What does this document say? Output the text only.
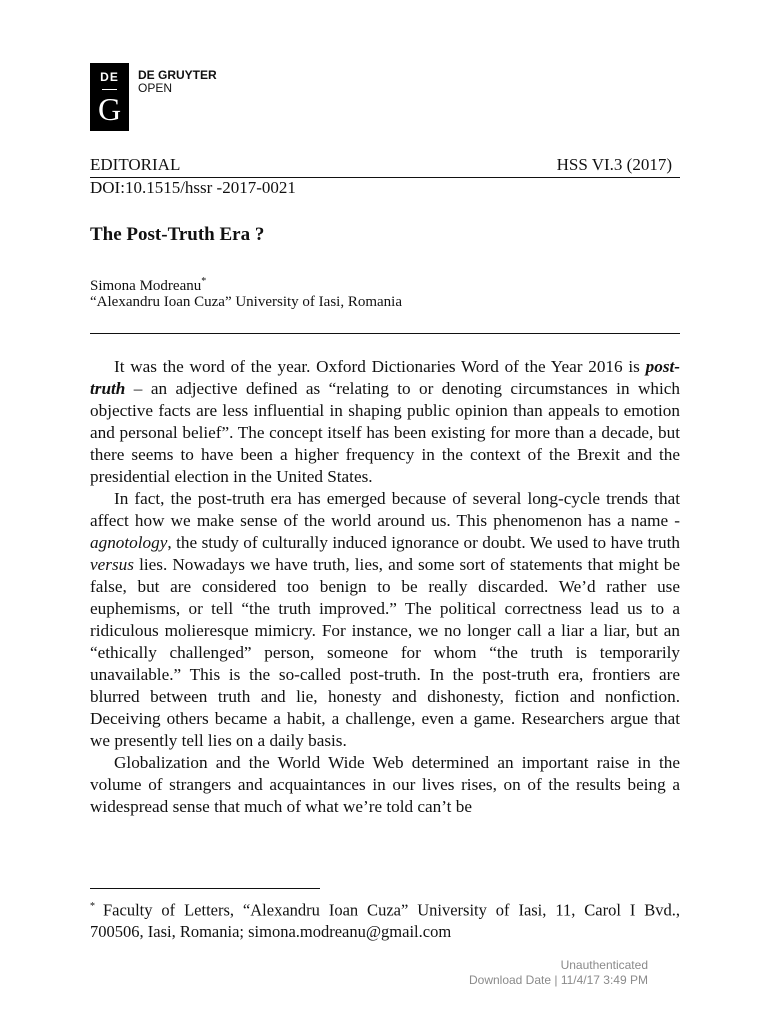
DE
G
DE GRUYTER
OPEN
EDITORIAL	HSS VI.3 (2017)
DOI:10.1515/hssr -2017-0021
The Post-Truth Era ?
Simona Modreanu*
“Alexandru Ioan Cuza” University of Iasi, Romania

It was the word of the year. Oxford Dictionaries Word of the Year 2016 is post-truth – an adjective defined as “relating to or denoting circumstances in which objective facts are less influential in shaping public opinion than appeals to emotion and personal belief”. The concept itself has been existing for more than a decade, but there seems to have been a higher frequency in the context of the Brexit and the presidential election in the United States.

In fact, the post-truth era has emerged because of several long-cycle trends that affect how we make sense of the world around us. This phenomenon has a name - agnotology, the study of culturally induced ignorance or doubt. We used to have truth versus lies. Nowadays we have truth, lies, and some sort of statements that might be false, but are considered too benign to be really discarded. We’d rather use euphemisms, or tell “the truth improved.” The political correctness lead us to a ridiculous molieresque mimicry. For instance, we no longer call a liar a liar, but an “ethically challenged” person, someone for whom “the truth is temporarily unavailable.” This is the so-called post-truth. In the post-truth era, frontiers are blurred between truth and lie, honesty and dishonesty, fiction and nonfiction. Deceiving others became a habit, a challenge, even a game. Researchers argue that we presently tell lies on a daily basis.

Globalization and the World Wide Web determined an important raise in the volume of strangers and acquaintances in our lives rises, on of the results being a widespread sense that much of what we’re told can’t be

* Faculty of Letters, “Alexandru Ioan Cuza” University of Iasi, 11, Carol I Bvd., 700506, Iasi, Romania; simona.modreanu@gmail.com
Unauthenticated
Download Date | 11/4/17 3:49 PM
